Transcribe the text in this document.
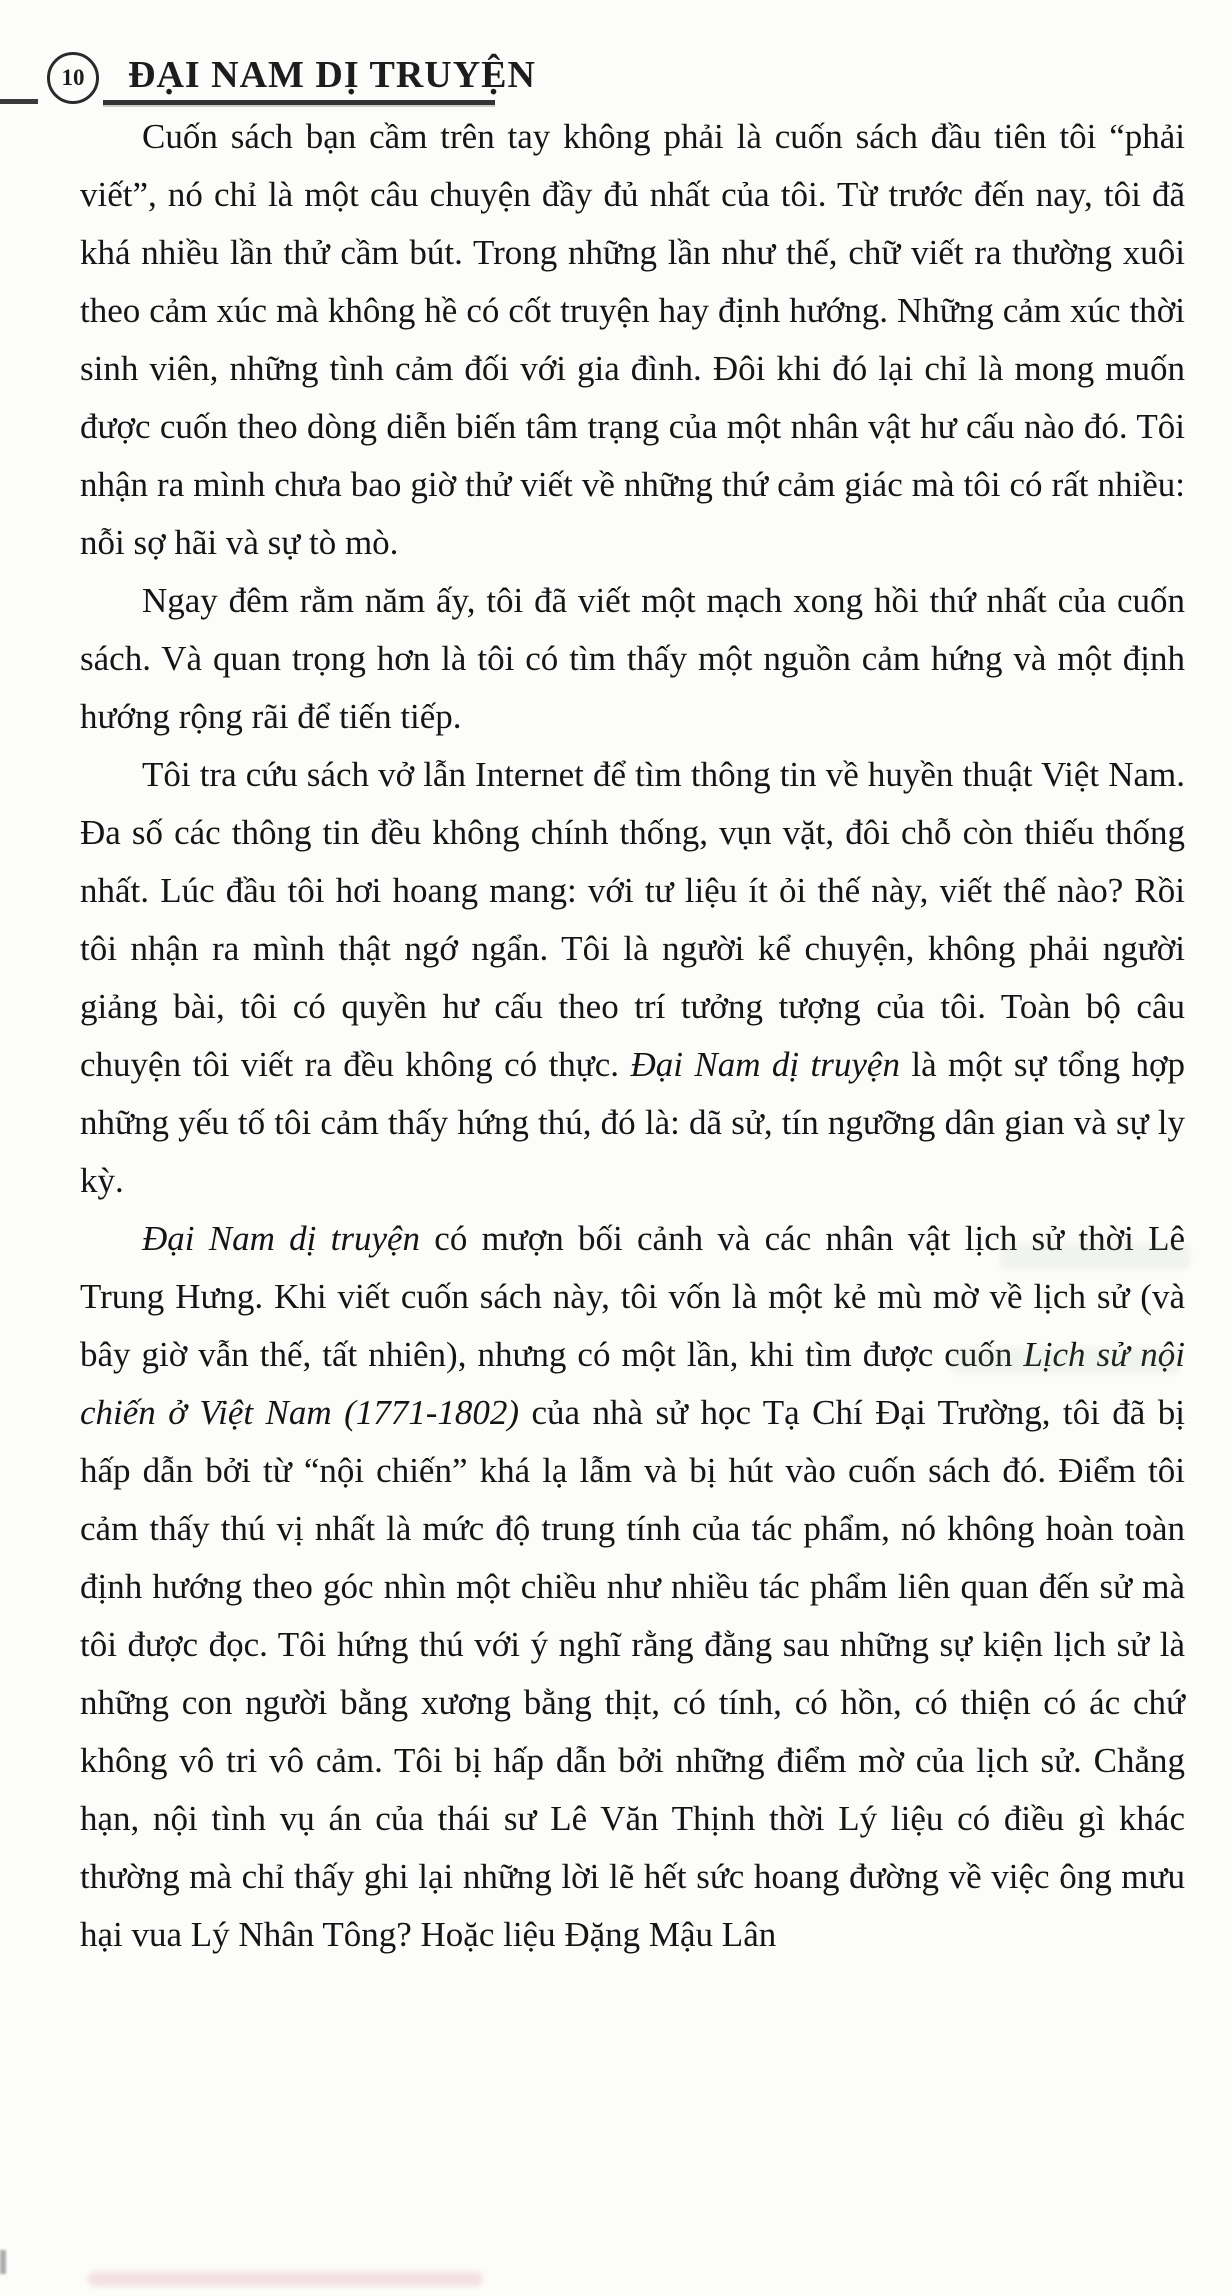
10 ĐẠI NAM DỊ TRUYỆN

Cuốn sách bạn cầm trên tay không phải là cuốn sách đầu tiên tôi “phải viết”, nó chỉ là một câu chuyện đầy đủ nhất của tôi. Từ trước đến nay, tôi đã khá nhiều lần thử cầm bút. Trong những lần như thế, chữ viết ra thường xuôi theo cảm xúc mà không hề có cốt truyện hay định hướng. Những cảm xúc thời sinh viên, những tình cảm đối với gia đình. Đôi khi đó lại chỉ là mong muốn được cuốn theo dòng diễn biến tâm trạng của một nhân vật hư cấu nào đó. Tôi nhận ra mình chưa bao giờ thử viết về những thứ cảm giác mà tôi có rất nhiều: nỗi sợ hãi và sự tò mò.

Ngay đêm rằm năm ấy, tôi đã viết một mạch xong hồi thứ nhất của cuốn sách. Và quan trọng hơn là tôi có tìm thấy một nguồn cảm hứng và một định hướng rộng rãi để tiến tiếp.

Tôi tra cứu sách vở lẫn Internet để tìm thông tin về huyền thuật Việt Nam. Đa số các thông tin đều không chính thống, vụn vặt, đôi chỗ còn thiếu thống nhất. Lúc đầu tôi hơi hoang mang: với tư liệu ít ỏi thế này, viết thế nào? Rồi tôi nhận ra mình thật ngớ ngẩn. Tôi là người kể chuyện, không phải người giảng bài, tôi có quyền hư cấu theo trí tưởng tượng của tôi. Toàn bộ câu chuyện tôi viết ra đều không có thực. Đại Nam dị truyện là một sự tổng hợp những yếu tố tôi cảm thấy hứng thú, đó là: dã sử, tín ngưỡng dân gian và sự ly kỳ.

Đại Nam dị truyện có mượn bối cảnh và các nhân vật lịch sử thời Lê Trung Hưng. Khi viết cuốn sách này, tôi vốn là một kẻ mù mờ về lịch sử (và bây giờ vẫn thế, tất nhiên), nhưng có một lần, khi tìm được cuốn Lịch sử nội chiến ở Việt Nam (1771-1802) của nhà sử học Tạ Chí Đại Trường, tôi đã bị hấp dẫn bởi từ “nội chiến” khá lạ lẫm và bị hút vào cuốn sách đó. Điểm tôi cảm thấy thú vị nhất là mức độ trung tính của tác phẩm, nó không hoàn toàn định hướng theo góc nhìn một chiều như nhiều tác phẩm liên quan đến sử mà tôi được đọc. Tôi hứng thú với ý nghĩ rằng đằng sau những sự kiện lịch sử là những con người bằng xương bằng thịt, có tính, có hồn, có thiện có ác chứ không vô tri vô cảm. Tôi bị hấp dẫn bởi những điểm mờ của lịch sử. Chẳng hạn, nội tình vụ án của thái sư Lê Văn Thịnh thời Lý liệu có điều gì khác thường mà chỉ thấy ghi lại những lời lẽ hết sức hoang đường về việc ông mưu hại vua Lý Nhân Tông? Hoặc liệu Đặng Mậu Lân
